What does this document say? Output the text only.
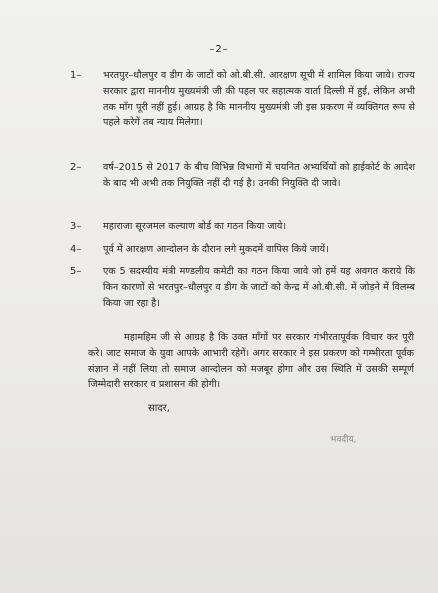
–2–
1– भरतपुर–धौलपुर व डीग के जाटों को ओ.बी.सी. आरक्षण सूची में शामिल किया जावे। राज्य सरकार द्वारा माननीय मुख्यमंत्री जी की पहल पर सहात्मक वार्ता दिल्ली में हुई, लेकिन अभी तक माँग पूरी नहीं हुई। आग्रह है कि माननीय मुख्यमंत्री जी इस प्रकरण में व्यक्तिगत रूप से पहले करेगें तब न्याय मिलेगा।
2– वर्ष–2015 से 2017 के बीच विभिन्न विभागों में चयनित अभ्यर्थियों को हाईकोर्ट के आदेश के बाद भी अभी तक नियुक्ति नहीं दी गई है। उनकी नियुक्ति दी जावे।
3– महाराजा सूरजमल कल्याण बोर्ड का गठन किया जाये।
4– पूर्व में आरक्षण आन्दोलन के दौरान लगे मुकदमें वापिस किये जायें।
5– एक 5 सदस्यीय मंत्री मण्डलीय कमेटी का गठन किया जावे जो हमें यह अवगत कराये कि किन कारणों से भरतपुर–धौलपुर व डीग के जाटों को केन्द्र में ओ.बी.सी. में जोड़ने में विलम्ब किया जा रहा है।
महामहिम जी से आग्रह है कि उक्त माँगों पर सरकार गंभीरतापूर्वक विचार कर पूरी करे। जाट समाज के युवा आपके आभारी रहेगें। अगर सरकार ने इस प्रकरण को गम्भीरता पूर्वक संज्ञान में नहीं लिया तो समाज आन्दोलन को मजबूर होगा और उस स्थिति में उसकी सम्पूर्ण जिम्मेदारी सरकार व प्रशासन की होगी।
सादर,
भवदीय,
